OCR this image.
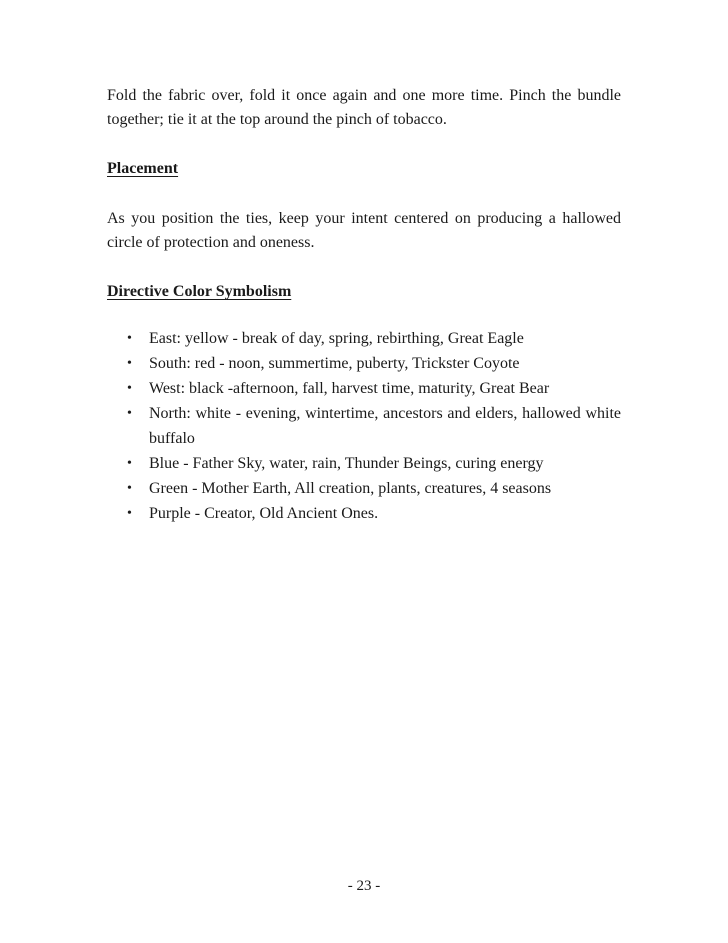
Fold the fabric over, fold it once again and one more time. Pinch the bundle together; tie it at the top around the pinch of tobacco.

Placement

As you position the ties, keep your intent centered on producing a hallowed circle of protection and oneness.

Directive Color Symbolism

• East: yellow - break of day, spring, rebirthing, Great Eagle
• South: red - noon, summertime, puberty, Trickster Coyote
• West: black -afternoon, fall, harvest time, maturity, Great Bear
• North: white - evening, wintertime, ancestors and elders, hallowed white buffalo
• Blue - Father Sky, water, rain, Thunder Beings, curing energy
• Green - Mother Earth, All creation, plants, creatures, 4 seasons
• Purple - Creator, Old Ancient Ones.
- 23 -
